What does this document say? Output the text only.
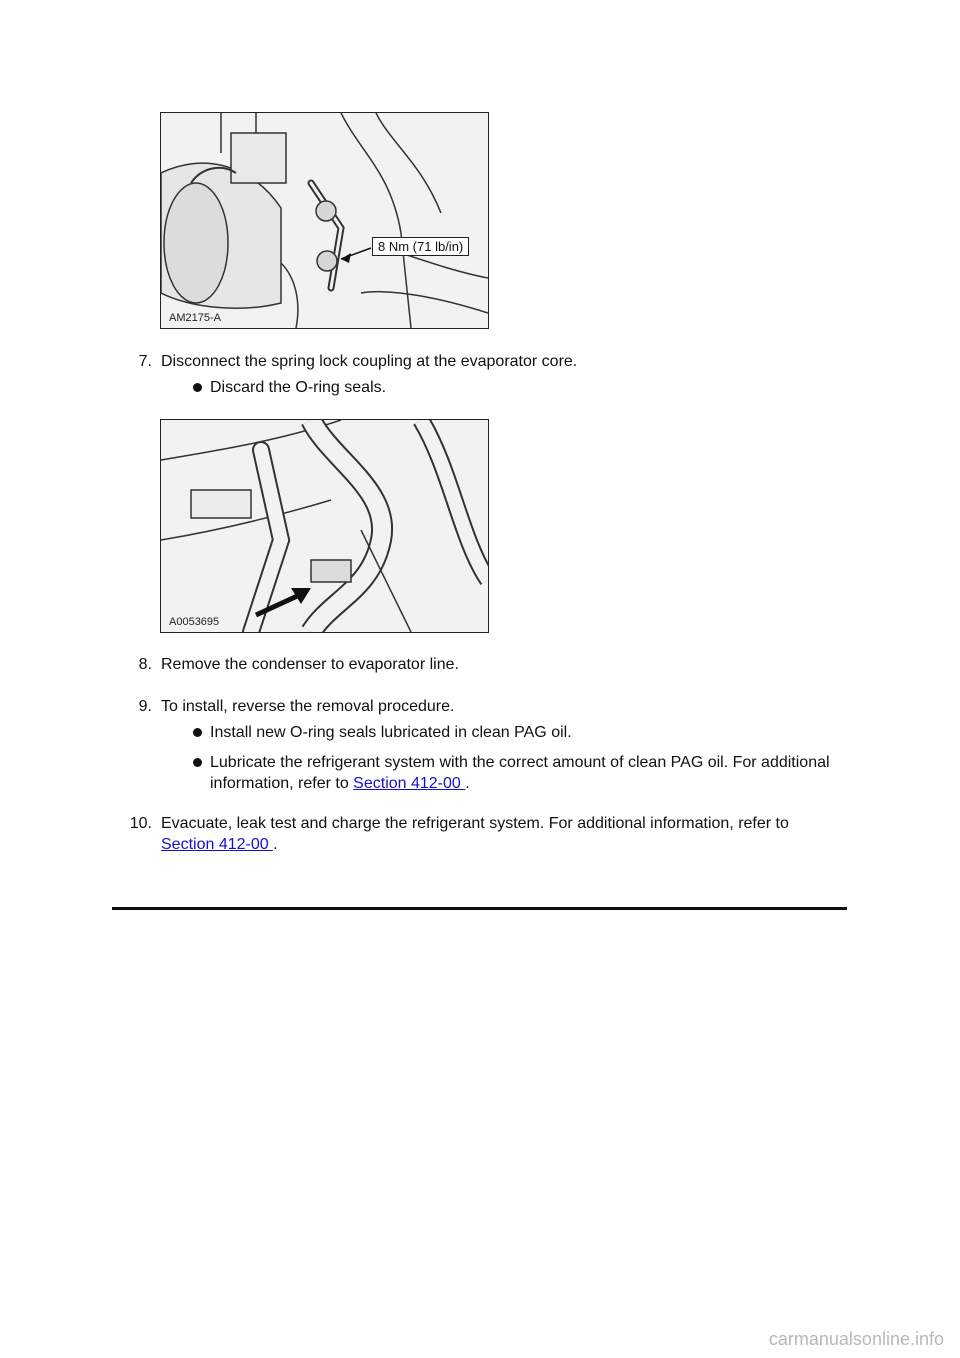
8 Nm (71 lb/in)
AM2175-A
7. Disconnect the spring lock coupling at the evaporator core.
Discard the O-ring seals.
A0053695
8. Remove the condenser to evaporator line.
9. To install, reverse the removal procedure.
Install new O-ring seals lubricated in clean PAG oil.
Lubricate the refrigerant system with the correct amount of clean PAG oil. For additional
information, refer to Section 412-00 .
10. Evacuate, leak test and charge the refrigerant system. For additional information, refer to
Section 412-00 .
carmanualsonline.info
